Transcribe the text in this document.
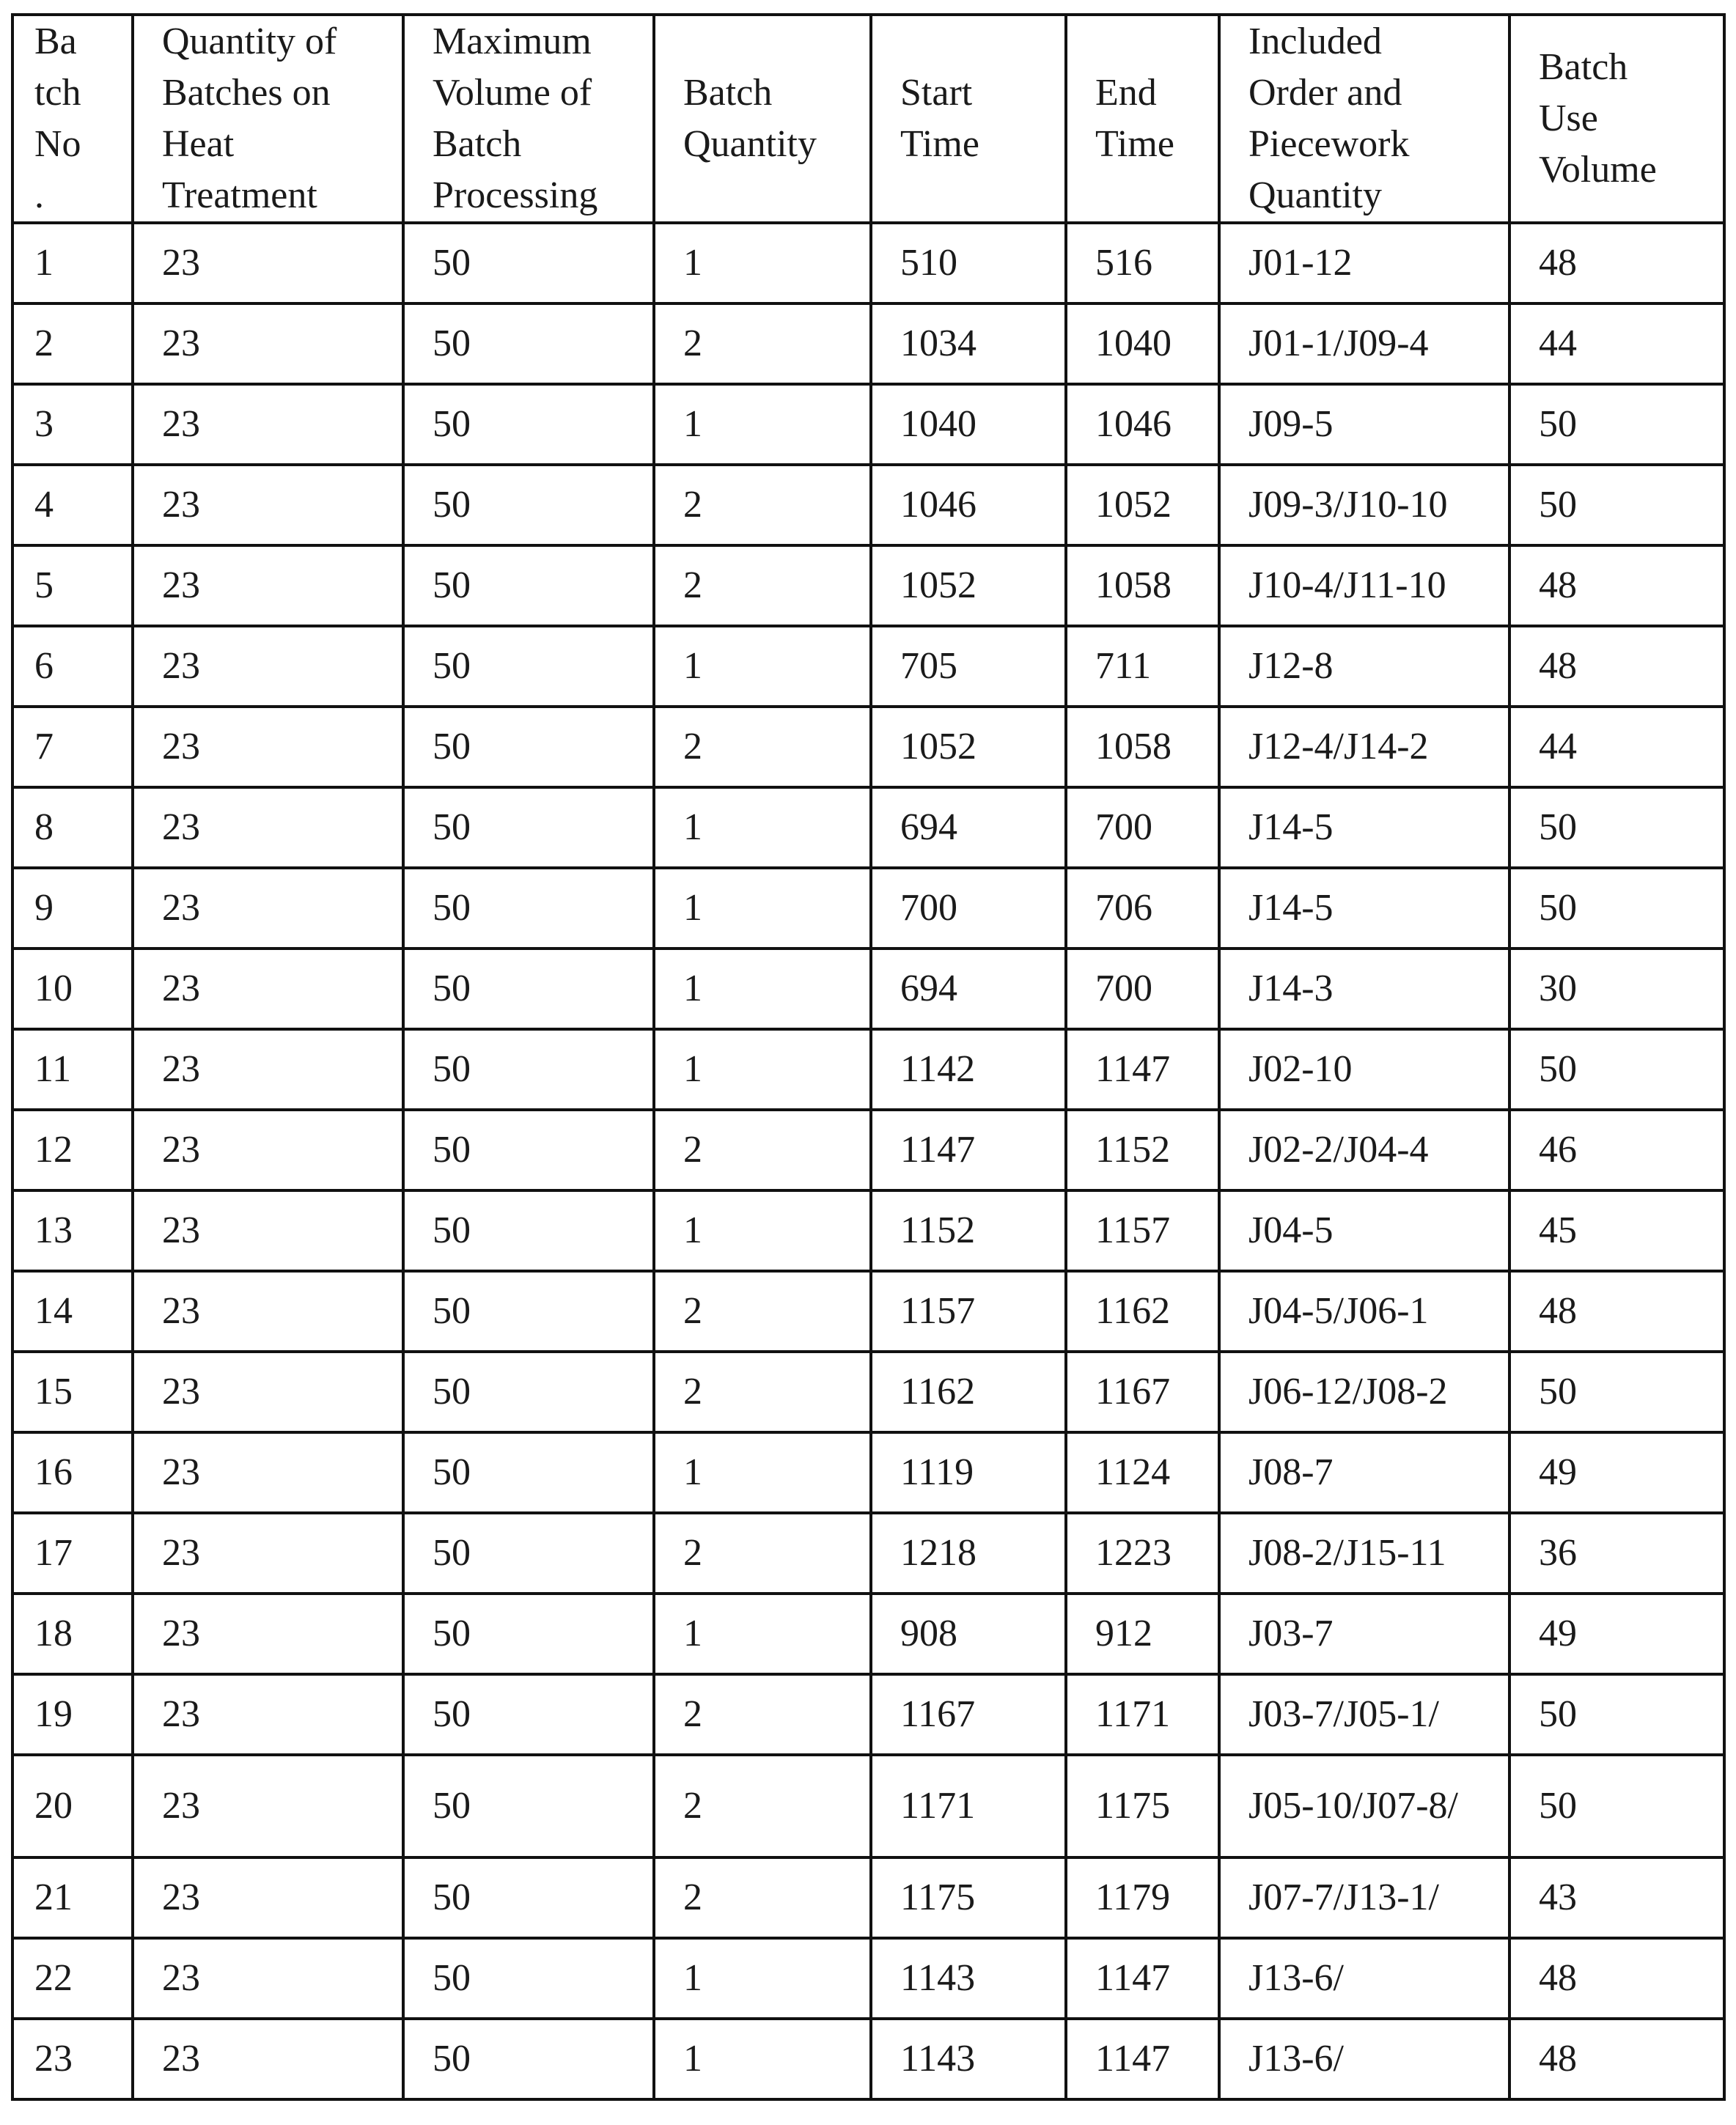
Ba
tch
No
.	Quantity of
Batches on
Heat
Treatment	Maximum
Volume of
Batch
Processing	Batch
Quantity	Start
Time	End
Time	Included
Order and
Piecework
Quantity	Batch
Use
Volume

1	23	50	1	510	516	J01-12	48
2	23	50	2	1034	1040	J01-1/J09-4	44
3	23	50	1	1040	1046	J09-5	50
4	23	50	2	1046	1052	J09-3/J10-10	50
5	23	50	2	1052	1058	J10-4/J11-10	48
6	23	50	1	705	711	J12-8	48
7	23	50	2	1052	1058	J12-4/J14-2	44
8	23	50	1	694	700	J14-5	50
9	23	50	1	700	706	J14-5	50
10	23	50	1	694	700	J14-3	30
11	23	50	1	1142	1147	J02-10	50
12	23	50	2	1147	1152	J02-2/J04-4	46
13	23	50	1	1152	1157	J04-5	45
14	23	50	2	1157	1162	J04-5/J06-1	48
15	23	50	2	1162	1167	J06-12/J08-2	50
16	23	50	1	1119	1124	J08-7	49
17	23	50	2	1218	1223	J08-2/J15-11	36
18	23	50	1	908	912	J03-7	49
19	23	50	2	1167	1171	J03-7/J05-1/	50
20	23	50	2	1171	1175	J05-10/J07-8/	50
21	23	50	2	1175	1179	J07-7/J13-1/	43
22	23	50	1	1143	1147	J13-6/	48
23	23	50	1	1143	1147	J13-6/	48
